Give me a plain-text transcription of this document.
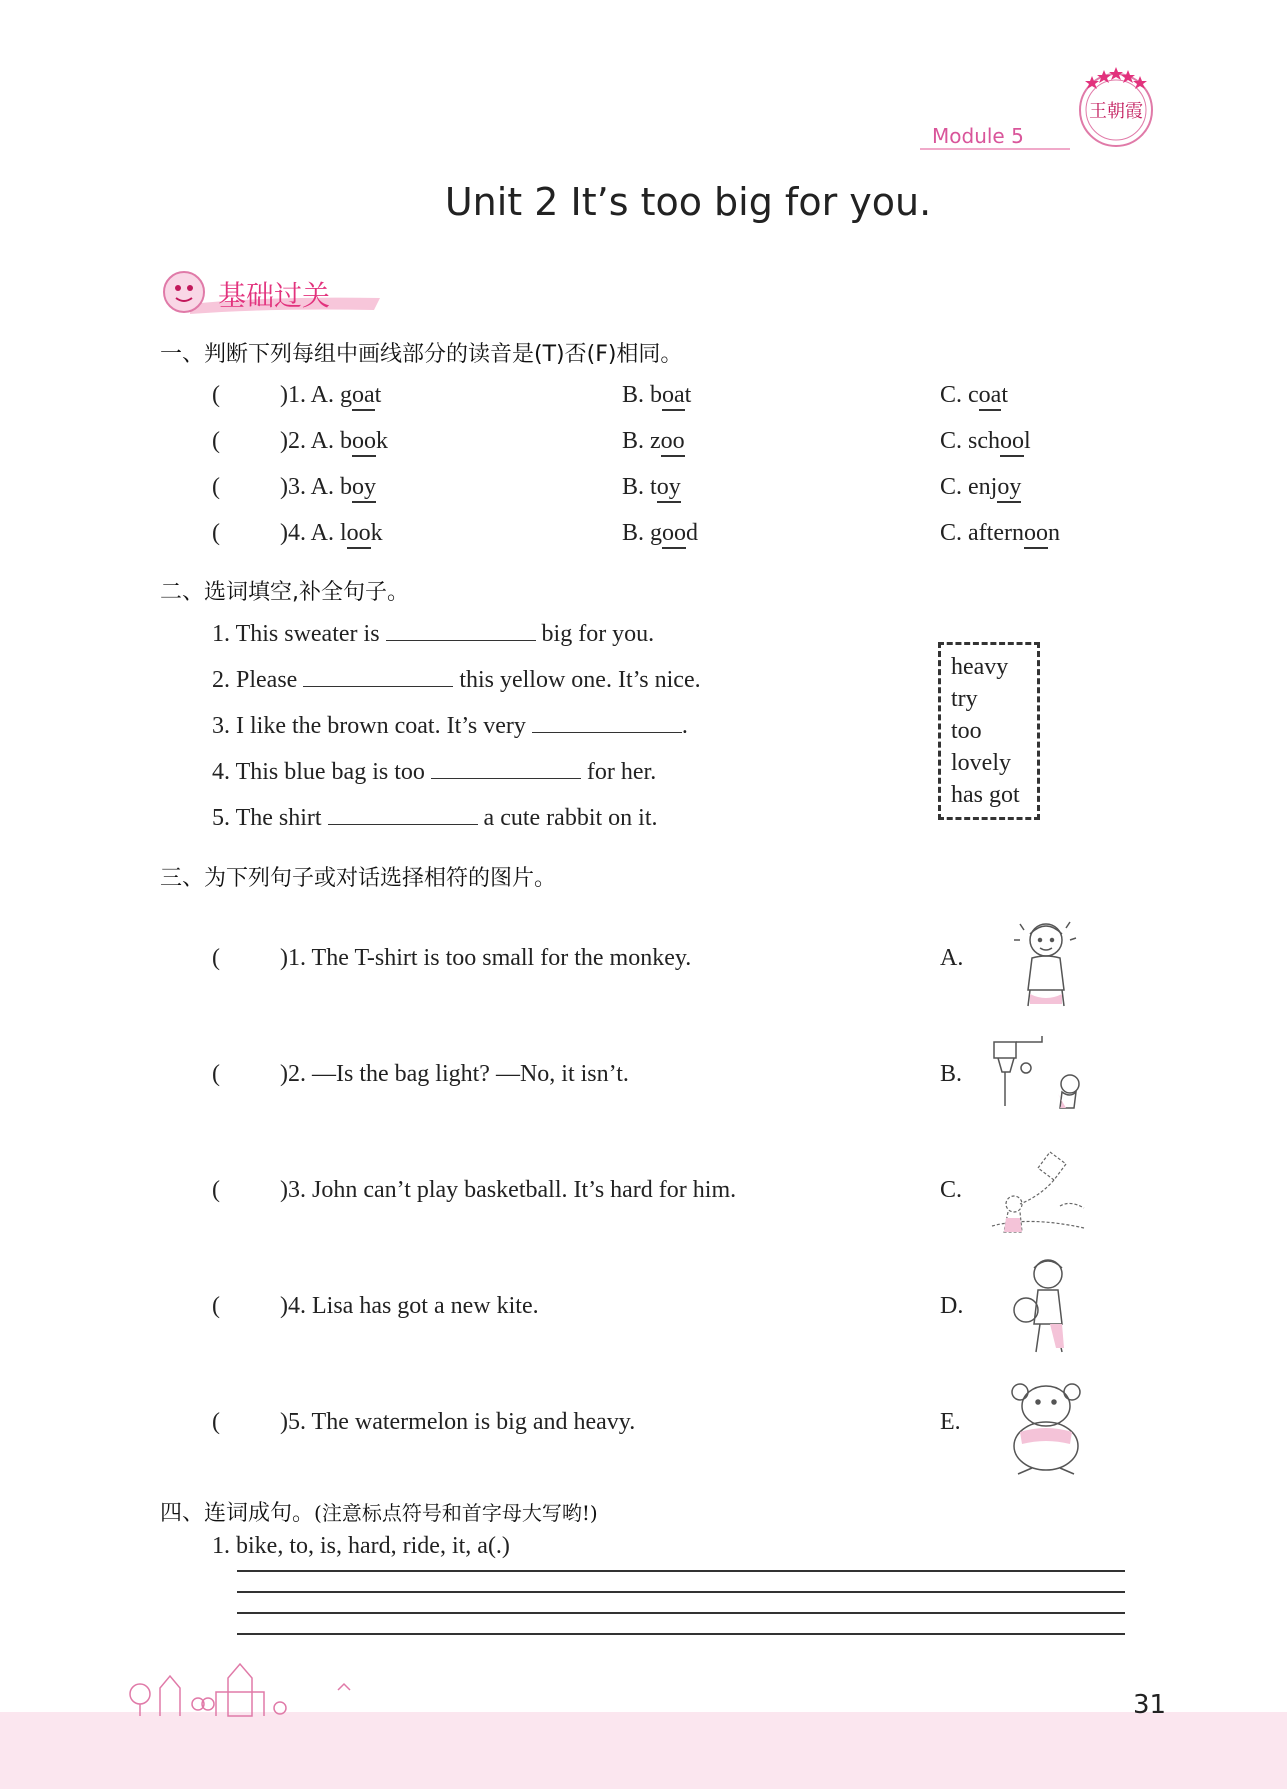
Module 5
王朝霞
Unit 2 It’s too big for you.
基础过关
一、判断下列每组中画线部分的读音是(T)否(F)相同。
(	)1. A. goat	B. boat	C. coat
(	)2. A. book	B. zoo	C. school
(	)3. A. boy	B. toy	C. enjoy
(	)4. A. look	B. good	C. afternoon
二、选词填空,补全句子。
1. This sweater is	big for you.
2. Please	this yellow one. It’s nice.
3. I like the brown coat. It’s very	.
4. This blue bag is too	for her.
5. The shirt	a cute rabbit on it.
heavy
try
too
lovely
has got
三、为下列句子或对话选择相符的图片。
(	)1. The T-shirt is too small for the monkey.	A.
(	)2. —Is the bag light? —No, it isn’t.	B.
(	)3. John can’t play basketball. It’s hard for him.	C.
(	)4. Lisa has got a new kite.	D.
(	)5. The watermelon is big and heavy.	E.
四、连词成句。(注意标点符号和首字母大写哟!)
1. bike, to, is, hard, ride, it, a(.)
31
